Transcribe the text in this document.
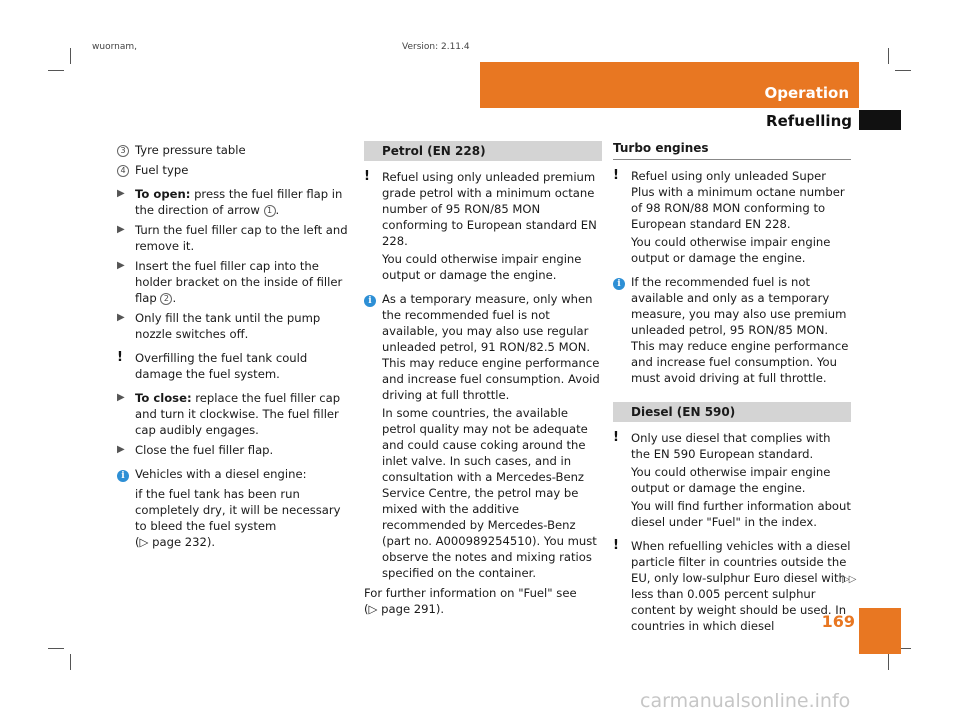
wuornam,	Version: 2.11.4
Operation
Refuelling
3 Tyre pressure table
4 Fuel type
▶ To open: press the fuel filler flap in the direction of arrow 1 .
▶ Turn the fuel filler cap to the left and remove it.
▶ Insert the fuel filler cap into the holder bracket on the inside of filler flap 2 .
▶ Only fill the tank until the pump nozzle switches off.
!	Overfilling the fuel tank could damage the fuel system.
▶ To close: replace the fuel filler cap and turn it clockwise. The fuel filler cap audibly engages.
▶ Close the fuel filler flap.
i Vehicles with a diesel engine:

if the fuel tank has been run completely dry, it will be necessary to bleed the fuel system

(▷ page 232).

Petrol (EN 228)
!	Refuel using only unleaded premium grade petrol with a minimum octane number of 95 RON/85 MON conforming to European standard EN 228.

You could otherwise impair engine output or damage the engine.

i As a temporary measure, only when the recommended fuel is not available, you may also use regular unleaded petrol, 91 RON/82.5 MON. This may reduce engine performance and increase fuel consumption. Avoid driving at full throttle.

In some countries, the available petrol quality may not be adequate and could cause coking around the inlet valve. In such cases, and in consultation with a Mercedes-Benz Service Centre, the petrol may be mixed with the additive recommended by Mercedes-Benz (part no. A000989254510). You must observe the notes and mixing ratios specified on the container.

For further information on "Fuel" see

(▷ page 291).

Turbo engines
!	Refuel using only unleaded Super Plus with a minimum octane number of 98 RON/88 MON conforming to European standard EN 228.

You could otherwise impair engine output or damage the engine.

i If the recommended fuel is not available and only as a temporary measure, you may also use premium unleaded petrol, 95 RON/85 MON. This may reduce engine performance and increase fuel consumption. You must avoid driving at full throttle.
Diesel (EN 590)
!	Only use diesel that complies with the EN 590 European standard.

You could otherwise impair engine output or damage the engine.

You will find further information about diesel under "Fuel" in the index.

!	When refuelling vehicles with a diesel particle filter in countries outside the EU, only low-sulphur Euro diesel with less than 0.005 percent sulphur content by weight should be used. In countries in which diesel
▷▷
169
carmanualsonline.info
